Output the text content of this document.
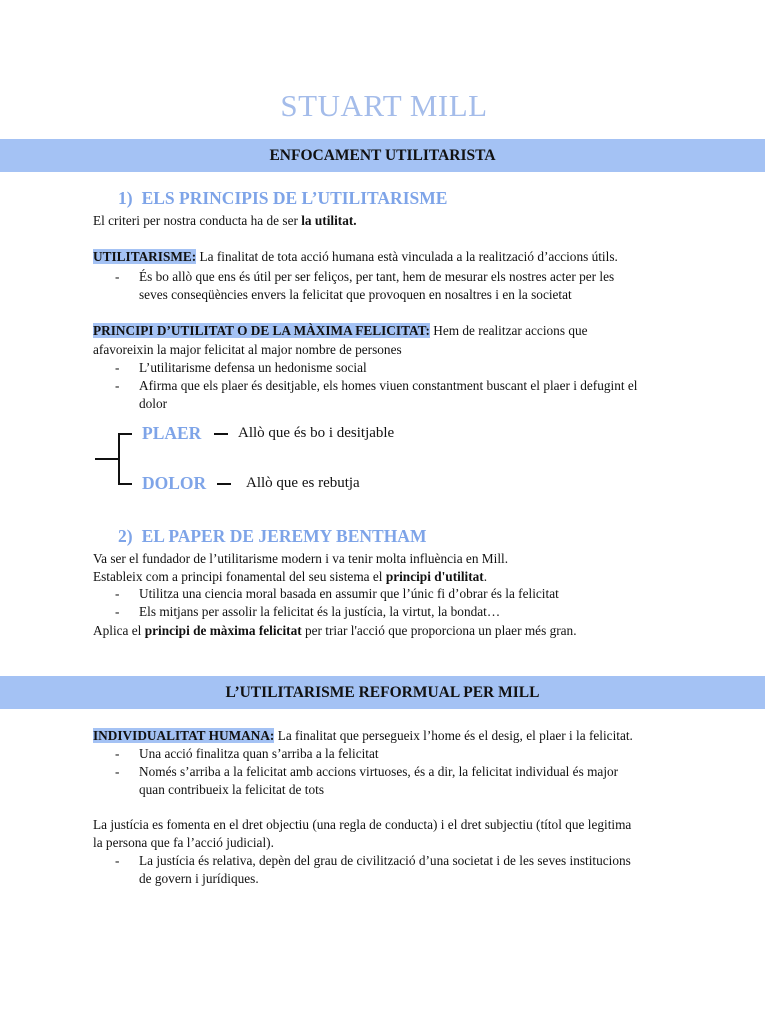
STUART MILL
ENFOCAMENT UTILITARISTA
1) ELS PRINCIPIS DE L’UTILITARISME
El criteri per nostra conducta ha de ser la utilitat.
UTILITARISME: La finalitat de tota acció humana està vinculada a la realització d’accions útils.
- És bo allò que ens és útil per ser feliços, per tant, hem de mesurar els nostres acter per les
seves conseqüències envers la felicitat que provoquen en nosaltres i en la societat
PRINCIPI D’UTILITAT O DE LA MÀXIMA FELICITAT: Hem de realitzar accions que
afavoreixin la major felicitat al major nombre de persones
- L’utilitarisme defensa un hedonisme social
- Afirma que els plaer és desitjable, els homes viuen constantment buscant el plaer i defugint el
dolor
PLAER Allò que és bo i desitjable
DOLOR	Allò que es rebutja
2) EL PAPER DE JEREMY BENTHAM
Va ser el fundador de l’utilitarisme modern i va tenir molta influència en Mill.
Estableix com a principi fonamental del seu sistema el principi d'utilitat.
- Utilitza una ciencia moral basada en assumir que l’únic fi d’obrar és la felicitat
- Els mitjans per assolir la felicitat és la justícia, la virtut, la bondat…
Aplica el principi de màxima felicitat per triar l'acció que proporciona un plaer més gran.
L’UTILITARISME REFORMUAL PER MILL
INDIVIDUALITAT HUMANA: La finalitat que persegueix l’home és el desig, el plaer i la felicitat.
- Una acció finalitza quan s’arriba a la felicitat
- Només s’arriba a la felicitat amb accions virtuoses, és a dir, la felicitat individual és major
quan contribueix la felicitat de tots
La justícia es fomenta en el dret objectiu (una regla de conducta) i el dret subjectiu (títol que legitima
la persona que fa l’acció judicial).
- La justícia és relativa, depèn del grau de civilització d’una societat i de les seves institucions
de govern i jurídiques.
